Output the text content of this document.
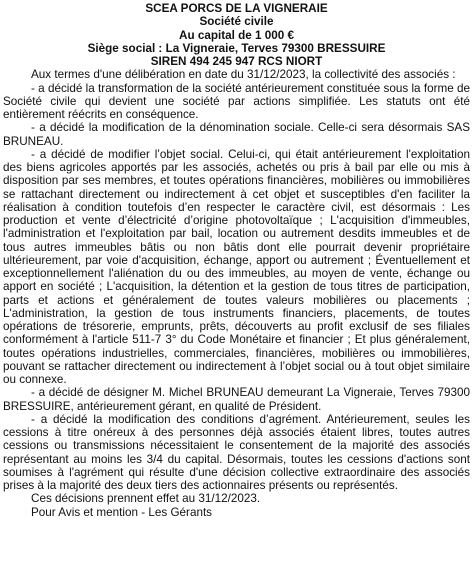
SCEA PORCS DE LA VIGNERAIE
Société civile
Au capital de 1 000 €
Siège social : La Vigneraie, Terves 79300 BRESSUIRE
SIREN 494 245 947 RCS NIORT

Aux termes d'une délibération en date du 31/12/2023, la collectivité des associés :

- a décidé la transformation de la société antérieurement constituée sous la forme de Société civile qui devient une société par actions simplifiée. Les statuts ont été entièrement réécrits en conséquence.

- a décidé la modification de la dénomination sociale. Celle-ci sera désormais SAS BRUNEAU.

- a décidé de modifier l’objet social. Celui-ci, qui était antérieurement l'exploitation des biens agricoles apportés par les associés, achetés ou pris à bail par elle ou mis à disposition par ses membres, et toutes opérations financières, mobilières ou immobilières se rattachant directement ou indirectement à cet objet et susceptibles d'en faciliter la réalisation à condition toutefois d’en respecter le caractère civil, est désormais : Les production et vente d’électricité d’origine photovoltaïque ; L'acquisition d'immeubles, l'administration et l'exploitation par bail, location ou autrement desdits immeubles et de tous autres immeubles bâtis ou non bâtis dont elle pourrait devenir propriétaire ultérieurement, par voie d'acquisition, échange, apport ou autrement ; Éventuellement et exceptionnellement l'aliénation du ou des immeubles, au moyen de vente, échange ou apport en société ; L'acquisition, la détention et la gestion de tous titres de participation, parts et actions et généralement de toutes valeurs mobilières ou placements ; L'administration, la gestion de tous instruments financiers, placements, de toutes opérations de trésorerie, emprunts, prêts, découverts au profit exclusif de ses filiales conformément à l'article 511-7 3° du Code Monétaire et financier ; Et plus généralement, toutes opérations industrielles, commerciales, financières, mobilières ou immobilières, pouvant se rattacher directement ou indirectement à l’objet social ou à tout objet similaire ou connexe.

- a décidé de désigner M. Michel BRUNEAU demeurant La Vigneraie, Terves 79300 BRESSUIRE, antérieurement gérant, en qualité de Président.

- a décidé la modification des conditions d’agrément. Antérieurement, seules les cessions à titre onéreux à des personnes déjà associés étaient libres, toutes autres cessions ou transmissions nécessitaient le consentement de la majorité des associés représentant au moins les 3/4 du capital. Désormais, toutes les cessions d'actions sont soumises à l'agrément qui résulte d'une décision collective extraordinaire des associés prises à la majorité des deux tiers des actionnaires présents ou représentés.

Ces décisions prennent effet au 31/12/2023.

Pour Avis et mention - Les Gérants
